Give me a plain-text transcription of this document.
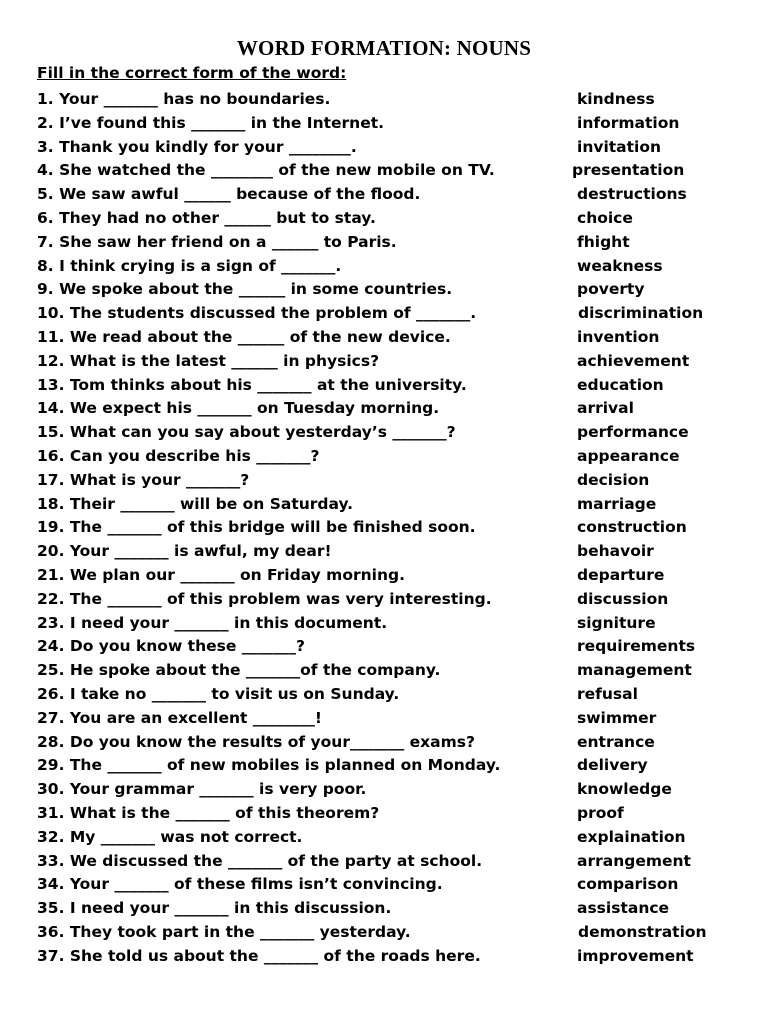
WORD FORMATION: NOUNS

Fill in the correct form of the word:

1. Your _______ has no boundaries.	kindness
2. I’ve found this _______ in the Internet.	information
3. Thank you kindly for your ________.	invitation
4. She watched the ________ of the new mobile on TV.	presentation
5. We saw awful ______ because of the flood.	destructions
6. They had no other ______ but to stay.	choice
7. She saw her friend on a ______ to Paris.	fhight
8. I think crying is a sign of _______.	weakness
9. We spoke about the ______ in some countries.	poverty
10. The students discussed the problem of _______.	discrimination
11. We read about the ______ of the new device.	invention
12. What is the latest ______ in physics?	achievement
13. Tom thinks about his _______ at the university.	education
14. We expect his _______ on Tuesday morning.	arrival
15. What can you say about yesterday’s _______?	performance
16. Can you describe his _______?	appearance
17. What is your _______?	decision
18. Their _______ will be on Saturday.	marriage
19. The _______ of this bridge will be finished soon.	construction
20. Your _______ is awful, my dear!	behavoir
21. We plan our _______ on Friday morning.	departure
22. The _______ of this problem was very interesting.	discussion
23. I need your _______ in this document.	signiture
24. Do you know these _______?	requirements
25. He spoke about the _______of the company.	management
26. I take no _______ to visit us on Sunday.	refusal
27. You are an excellent ________!	swimmer
28. Do you know the results of your_______ exams?	entrance
29. The _______ of new mobiles is planned on Monday.	delivery
30. Your grammar _______ is very poor.	knowledge
31. What is the _______ of this theorem?	proof
32. My _______ was not correct.	explaination
33. We discussed the _______ of the party at school.	arrangement
34. Your _______ of these films isn’t convincing.	comparison
35. I need your _______ in this discussion.	assistance
36. They took part in the _______ yesterday.	demonstration
37. She told us about the _______ of the roads here.	improvement
